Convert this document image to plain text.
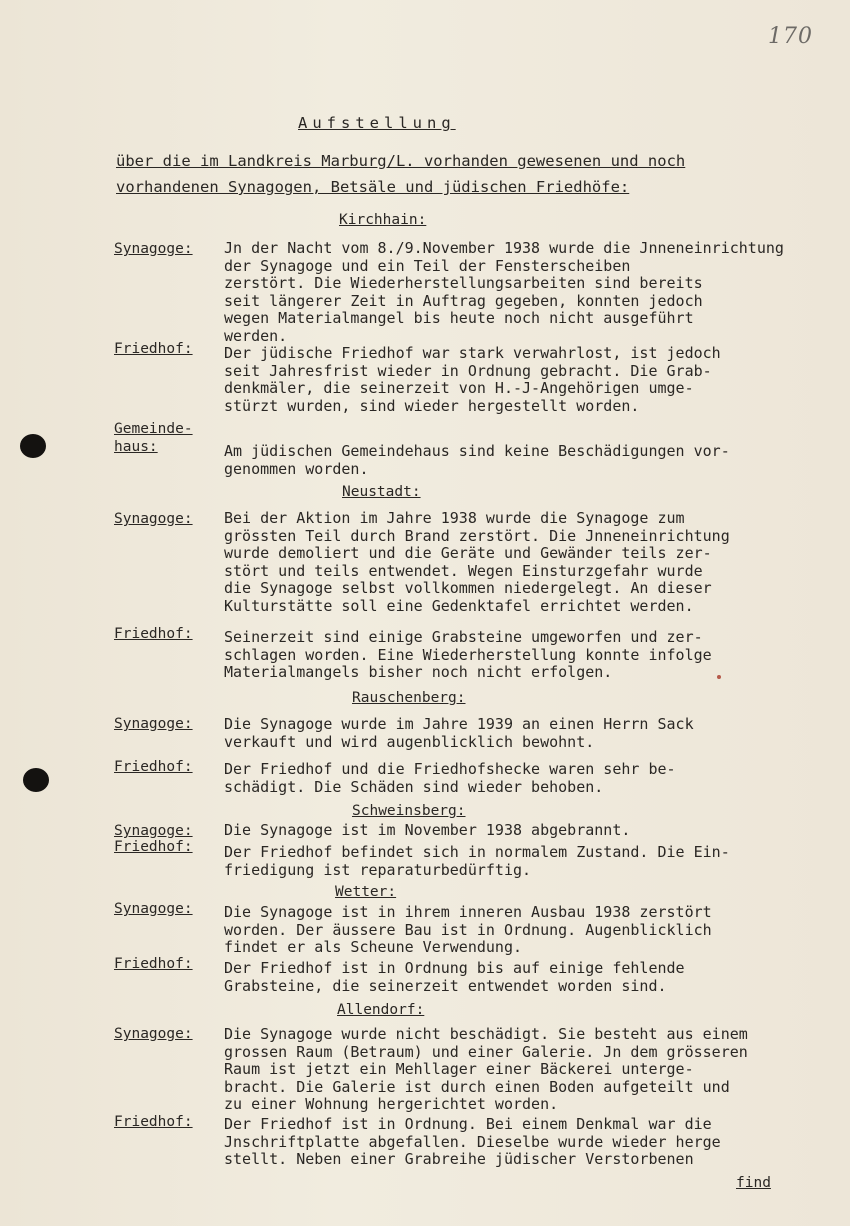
170
Aufstellung
über die im Landkreis Marburg/L. vorhanden gewesenen und noch
vorhandenen Synagogen, Betsäle und jüdischen Friedhöfe:
Kirchhain:
Synagoge: Jn der Nacht vom 8./9.November 1938 wurde die Jnneneinrichtung
der Synagoge und ein Teil der Fensterscheiben
zerstört. Die Wiederherstellungsarbeiten sind bereits
seit längerer Zeit in Auftrag gegeben, konnten jedoch
wegen Materialmangel bis heute noch nicht ausgeführt
werden.
Friedhof: Der jüdische Friedhof war stark verwahrlost, ist jedoch
seit Jahresfrist wieder in Ordnung gebracht. Die Grab-
denkmäler, die seinerzeit von H.-J-Angehörigen umge-
stürzt wurden, sind wieder hergestellt worden.
Gemeinde-
haus:	Am jüdischen Gemeindehaus sind keine Beschädigungen vor-
genommen worden.
Neustadt:
Synagoge: Bei der Aktion im Jahre 1938 wurde die Synagoge zum
grössten Teil durch Brand zerstört. Die Jnneneinrichtung
wurde demoliert und die Geräte und Gewänder teils zer-
stört und teils entwendet. Wegen Einsturzgefahr wurde
die Synagoge selbst vollkommen niedergelegt. An dieser
Kulturstätte soll eine Gedenktafel errichtet werden.
Friedhof: Seinerzeit sind einige Grabsteine umgeworfen und zer-
schlagen worden. Eine Wiederherstellung konnte infolge
Materialmangels bisher noch nicht erfolgen.
Rauschenberg:
Synagoge: Die Synagoge wurde im Jahre 1939 an einen Herrn Sack
verkauft und wird augenblicklich bewohnt.
Friedhof: Der Friedhof und die Friedhofshecke waren sehr be-
schädigt. Die Schäden sind wieder behoben.
Schweinsberg:
Synagoge: Die Synagoge ist im November 1938 abgebrannt.
Friedhof: Der Friedhof befindet sich in normalem Zustand. Die Ein-
friedigung ist reparaturbedürftig.
Wetter:
Synagoge: Die Synagoge ist in ihrem inneren Ausbau 1938 zerstört
worden. Der äussere Bau ist in Ordnung. Augenblicklich
findet er als Scheune Verwendung.
Friedhof: Der Friedhof ist in Ordnung bis auf einige fehlende
Grabsteine, die seinerzeit entwendet worden sind.
Allendorf:
Synagoge: Die Synagoge wurde nicht beschädigt. Sie besteht aus einem
grossen Raum (Betraum) und einer Galerie. Jn dem grösseren
Raum ist jetzt ein Mehllager einer Bäckerei unterge-
bracht. Die Galerie ist durch einen Boden aufgeteilt und
zu einer Wohnung hergerichtet worden.
Friedhof: Der Friedhof ist in Ordnung. Bei einem Denkmal war die
Jnschriftplatte abgefallen. Dieselbe wurde wieder herge
stellt. Neben einer Grabreihe jüdischer Verstorbenen
find
